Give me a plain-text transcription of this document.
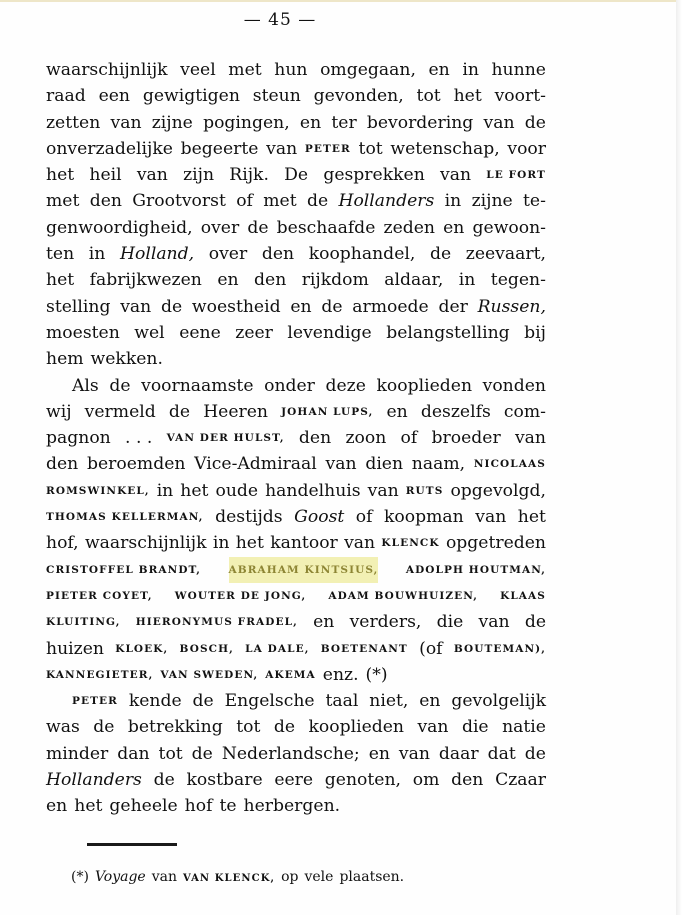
— 45 —
waarschijnlijk veel met hun omgegaan, en in hunne
raad een gewigtigen steun gevonden, tot het voort-
zetten van zijne pogingen, en ter bevordering van de
onverzadelijke begeerte van PETER tot wetenschap, voor
het heil van zijn Rijk. De gesprekken van LE FORT
met den Grootvorst of met de Hollanders in zijne te-
genwoordigheid, over de beschaafde zeden en gewoon-
ten in Holland, over den koophandel, de zeevaart,
het fabrijkwezen en den rijkdom aldaar, in tegen-
stelling van de woestheid en de armoede der Russen,
moesten wel eene zeer levendige belangstelling bij
hem wekken.
Als de voornaamste onder deze kooplieden vonden
wij vermeld de Heeren JOHAN LUPS, en deszelfs com-
pagnon . . . VAN DER HULST, den zoon of broeder van
den beroemden Vice-Admiraal van dien naam, NICOLAAS
ROMSWINKEL, in het oude handelhuis van RUTS opgevolgd,
THOMAS KELLERMAN, destijds Goost of koopman van het
hof, waarschijnlijk in het kantoor van KLENCK opgetreden
CRISTOFFEL BRANDT,	ABRAHAM KINTSIUS,	ADOLPH HOUTMAN,
PIETER COYET, WOUTER DE JONG, ADAM BOUWHUIZEN, KLAAS
KLUITING, HIERONYMUS FRADEL, en verders, die van de
huizen KLOEK, BOSCH, LA DALE, BOETENANT (of BOUTEMAN),
KANNEGIETER, VAN SWEDEN, AKEMA enz. (*)
PETER kende de Engelsche taal niet, en gevolgelijk
was de betrekking tot de kooplieden van die natie
minder dan tot de Nederlandsche; en van daar dat de
Hollanders de kostbare eere genoten, om den Czaar
en het geheele hof te herbergen.
(*) Voyage van VAN KLENCK, op vele plaatsen.
